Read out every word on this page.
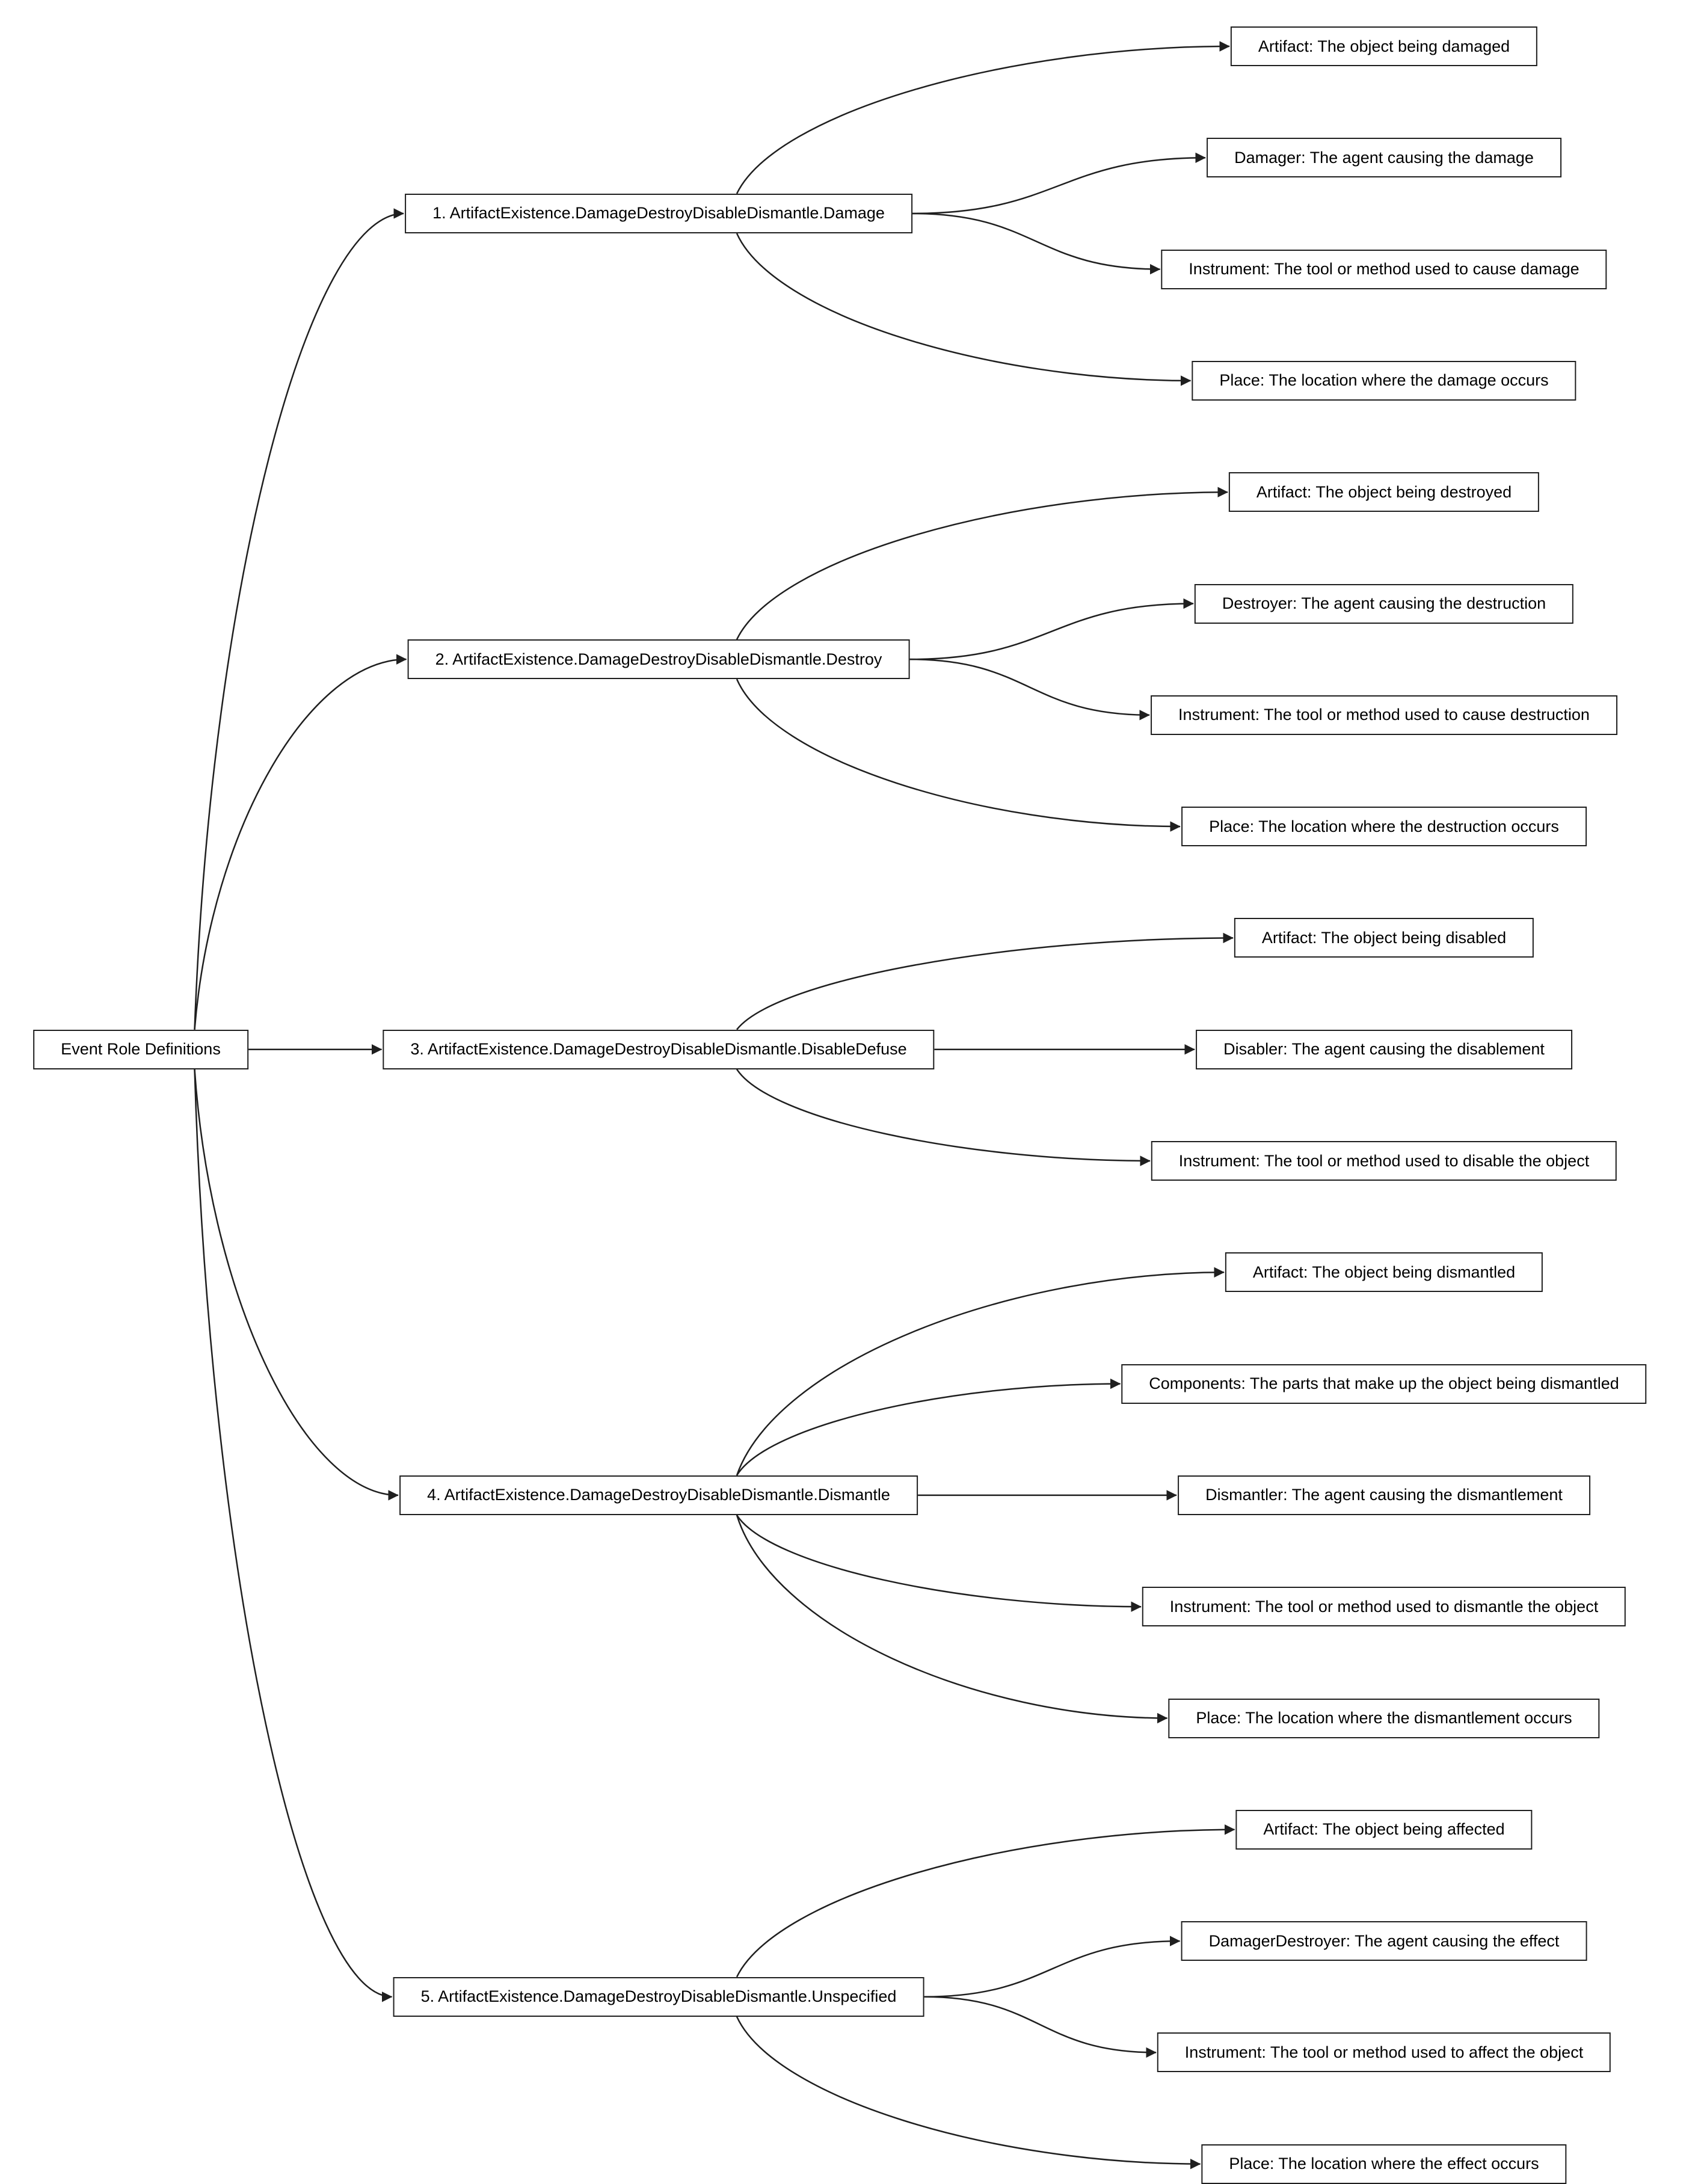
Event Role Definitions
1. ArtifactExistence.DamageDestroyDisableDismantle.Damage
Artifact: The object being damaged
Damager: The agent causing the damage
Instrument: The tool or method used to cause damage
Place: The location where the damage occurs
2. ArtifactExistence.DamageDestroyDisableDismantle.Destroy
Artifact: The object being destroyed
Destroyer: The agent causing the destruction
Instrument: The tool or method used to cause destruction
Place: The location where the destruction occurs
3. ArtifactExistence.DamageDestroyDisableDismantle.DisableDefuse
Artifact: The object being disabled
Disabler: The agent causing the disablement
Instrument: The tool or method used to disable the object
4. ArtifactExistence.DamageDestroyDisableDismantle.Dismantle
Artifact: The object being dismantled
Components: The parts that make up the object being dismantled
Dismantler: The agent causing the dismantlement
Instrument: The tool or method used to dismantle the object
Place: The location where the dismantlement occurs
5. ArtifactExistence.DamageDestroyDisableDismantle.Unspecified
Artifact: The object being affected
DamagerDestroyer: The agent causing the effect
Instrument: The tool or method used to affect the object
Place: The location where the effect occurs
